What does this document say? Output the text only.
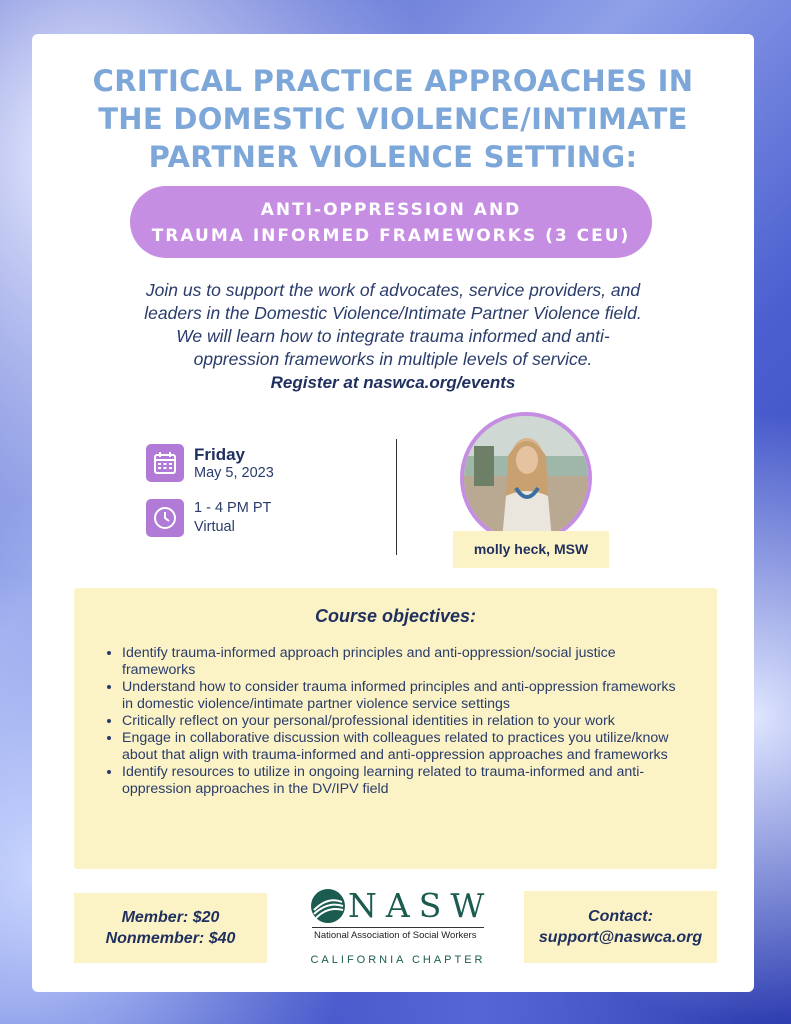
CRITICAL PRACTICE APPROACHES IN
THE DOMESTIC VIOLENCE/INTIMATE
PARTNER VIOLENCE SETTING:
ANTI-OPPRESSION AND
TRAUMA INFORMED FRAMEWORKS (3 CEU)
Join us to support the work of advocates, service providers, and
leaders in the Domestic Violence/Intimate Partner Violence field.
We will learn how to integrate trauma informed and anti-
oppression frameworks in multiple levels of service.
Register at naswca.org/events
Friday
May 5, 2023
1 - 4 PM PT
Virtual
molly heck, MSW
Course objectives:
• Identify trauma-informed approach principles and anti-oppression/social justice frameworks
• Understand how to consider trauma informed principles and anti-oppression frameworks in domestic violence/intimate partner violence service settings
• Critically reflect on your personal/professional identities in relation to your work
• Engage in collaborative discussion with colleagues related to practices you utilize/know about that align with trauma-informed and anti-oppression approaches and frameworks
• Identify resources to utilize in ongoing learning related to trauma-informed and anti-oppression approaches in the DV/IPV field
Member: $20
Nonmember: $40
NASW
National Association of Social Workers
CALIFORNIA CHAPTER
Contact:
support@naswca.org
